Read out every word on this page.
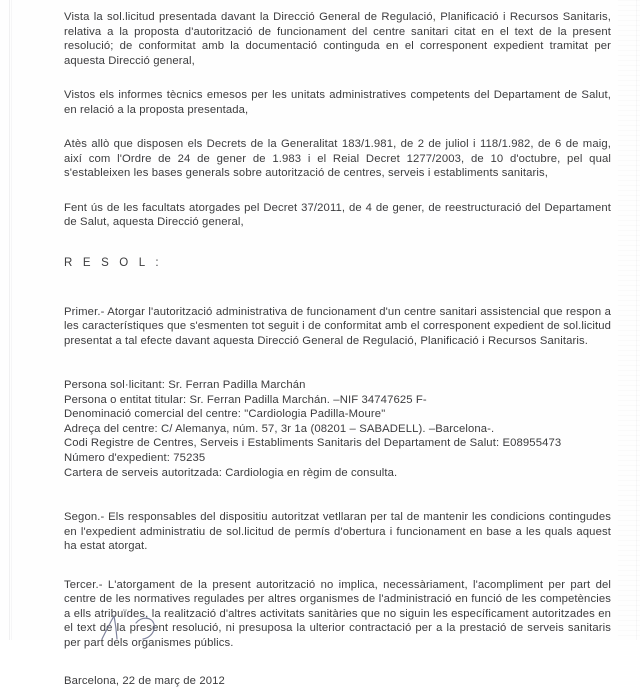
Vista la sol.licitud presentada davant la Direcció General de Regulació, Planificació i Recursos Sanitaris, relativa a la proposta d'autorització de funcionament del centre sanitari citat en el text de la present resolució; de conformitat amb la documentació continguda en el corresponent expedient tramitat per aquesta Direcció general,

Vistos els informes tècnics emesos per les unitats administratives competents del Departament de Salut, en relació a la proposta presentada,

Atès allò que disposen els Decrets de la Generalitat 183/1.981, de 2 de juliol i 118/1.982, de 6 de maig, així com l'Ordre de 24 de gener de 1.983 i el Reial Decret 1277/2003, de 10 d'octubre, pel qual s'estableixen les bases generals sobre autorització de centres, serveis i establiments sanitaris,

Fent ús de les facultats atorgades pel Decret 37/2011, de 4 de gener, de reestructuració del Departament de Salut, aquesta Direcció general,

R E S O L :

Primer.- Atorgar l'autorització administrativa de funcionament d'un centre sanitari assistencial que respon a les característiques que s'esmenten tot seguit i de conformitat amb el corresponent expedient de sol.licitud presentat a tal efecte davant aquesta Direcció General de Regulació, Planificació i Recursos Sanitaris.

Persona sol·licitant: Sr. Ferran Padilla Marchán
Persona o entitat titular: Sr. Ferran Padilla Marchán. –NIF 34747625 F-
Denominació comercial del centre: "Cardiologia Padilla-Moure"
Adreça del centre: C/ Alemanya, núm. 57, 3r 1a (08201 – SABADELL). –Barcelona-.
Codi Registre de Centres, Serveis i Establiments Sanitaris del Departament de Salut: E08955473
Número d'expedient: 75235
Cartera de serveis autoritzada: Cardiologia en règim de consulta.

Segon.- Els responsables del dispositiu autoritzat vetllaran per tal de mantenir les condicions contingudes en l'expedient administratiu de sol.licitud de permís d'obertura i funcionament en base a les quals aquest ha estat atorgat.

Tercer.- L'atorgament de la present autorització no implica, necessàriament, l'acompliment per part del centre de les normatives regulades per altres organismes de l'administració en funció de les competències a ells atribuïdes, la realització d'altres activitats sanitàries que no siguin les específicament autoritzades en el text de la present resolució, ni presuposa la ulterior contractació per a la prestació de serveis sanitaris per part dels organismes públics.

Barcelona, 22 de març de 2012
